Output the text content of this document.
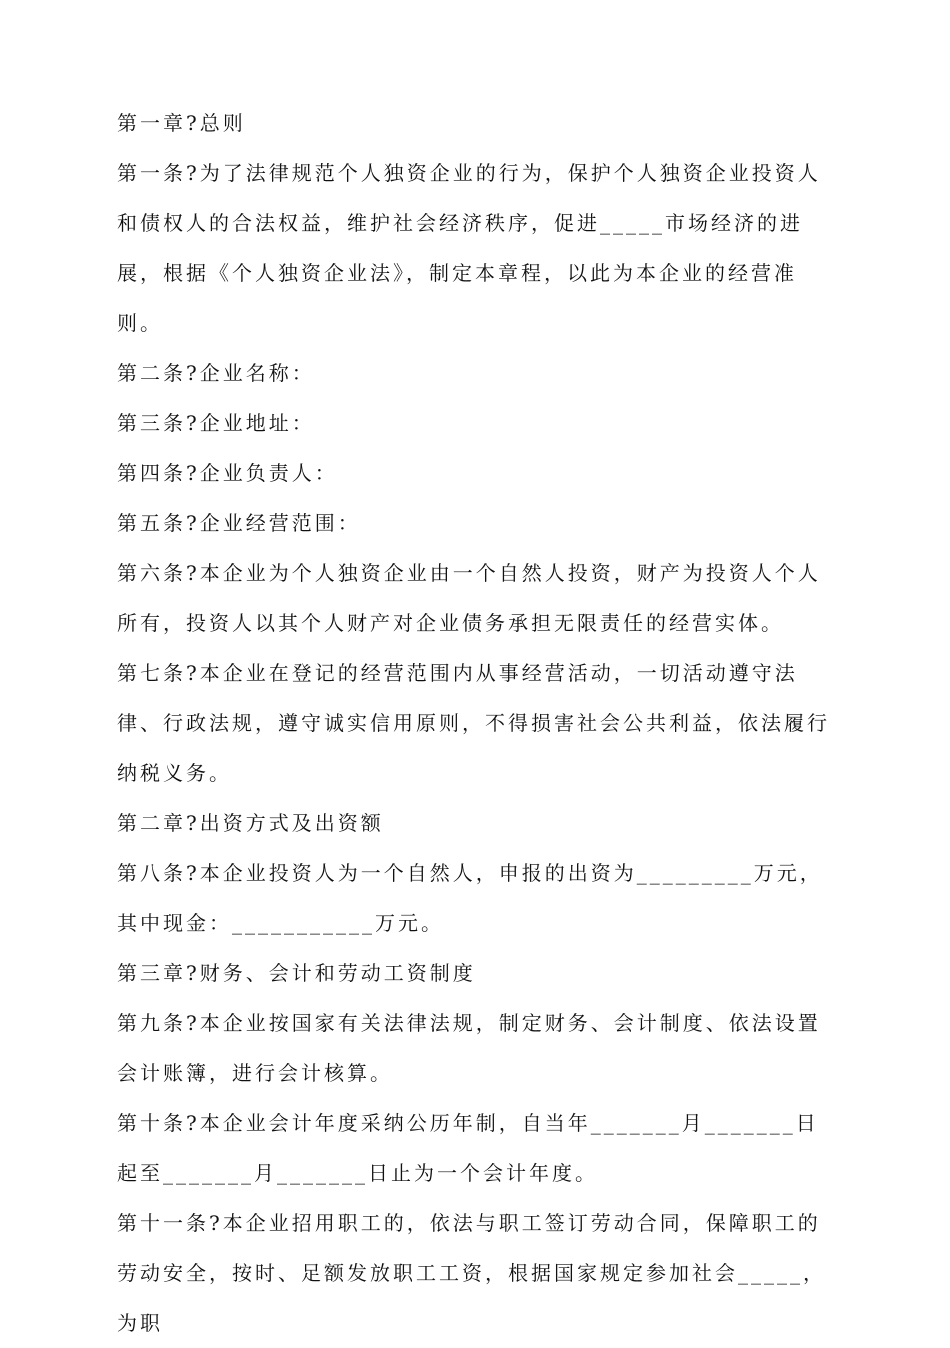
第一章?总则

第一条?为了法律规范个人独资企业的行为，保护个人独资企业投资人和债权人的合法权益，维护社会经济秩序，促进_____市场经济的进展，根据《个人独资企业法》，制定本章程，以此为本企业的经营准则。

第二条?企业名称：

第三条?企业地址：

第四条?企业负责人：

第五条?企业经营范围：

第六条?本企业为个人独资企业由一个自然人投资，财产为投资人个人所有，投资人以其个人财产对企业债务承担无限责任的经营实体。

第七条?本企业在登记的经营范围内从事经营活动，一切活动遵守法律、行政法规，遵守诚实信用原则，不得损害社会公共利益，依法履行纳税义务。

第二章?出资方式及出资额

第八条?本企业投资人为一个自然人，申报的出资为_________万元，其中现金：___________万元。

第三章?财务、会计和劳动工资制度

第九条?本企业按国家有关法律法规，制定财务、会计制度、依法设置会计账簿，进行会计核算。

第十条?本企业会计年度采纳公历年制，自当年_______月_______日起至_______月_______日止为一个会计年度。

第十一条?本企业招用职工的，依法与职工签订劳动合同，保障职工的劳动安全，按时、足额发放职工工资，根据国家规定参加社会_____，为职
